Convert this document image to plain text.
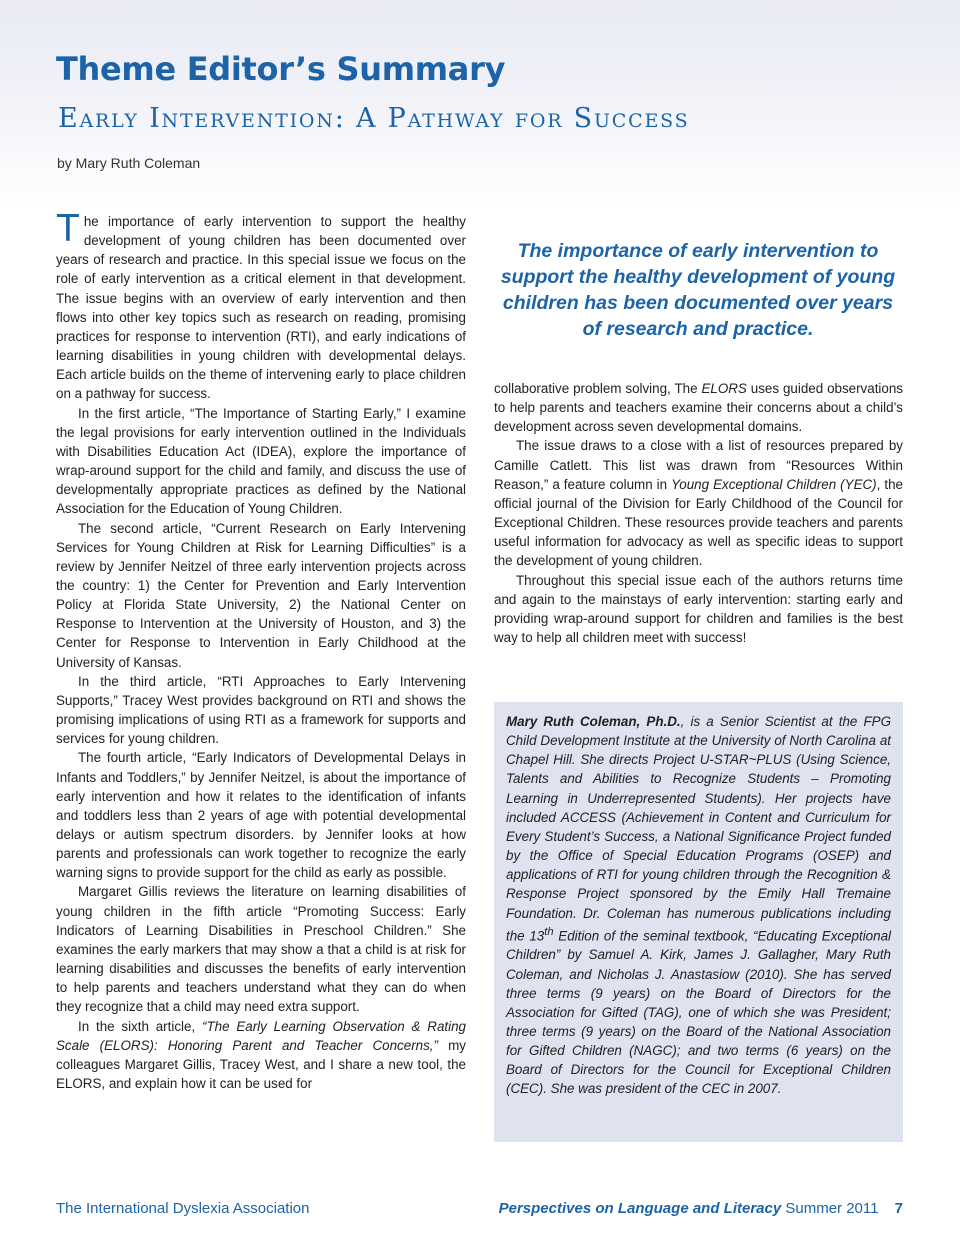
Theme Editor’s Summary
Early Intervention: A Pathway for Success

by Mary Ruth Coleman

The importance of early intervention to support the healthy development of young children has been documented over years of research and practice. In this special issue we focus on the role of early intervention as a critical element in that development. The issue begins with an overview of early intervention and then flows into other key topics such as research on reading, promising practices for response to intervention (RTI), and early indications of learning disabilities in young children with developmental delays. Each article builds on the theme of intervening early to place children on a pathway for success.

In the first article, “The Importance of Starting Early,” I examine the legal provisions for early intervention outlined in the Individuals with Disabilities Education Act (IDEA), explore the importance of wrap-around support for the child and family, and discuss the use of developmentally appropriate practices as defined by the National Association for the Education of Young Children.

The second article, “Current Research on Early Intervening Services for Young Children at Risk for Learning Difficulties” is a review by Jennifer Neitzel of three early intervention projects across the country: 1) the Center for Prevention and Early Intervention Policy at Florida State University, 2) the National Center on Response to Intervention at the University of Houston, and 3) the Center for Response to Intervention in Early Childhood at the University of Kansas.

In the third article, “RTI Approaches to Early Intervening Supports,” Tracey West provides background on RTI and shows the promising implications of using RTI as a framework for supports and services for young children.

The fourth article, “Early Indicators of Developmental Delays in Infants and Toddlers,” by Jennifer Neitzel, is about the importance of early intervention and how it relates to the identification of infants and toddlers less than 2 years of age with potential developmental delays or autism spectrum disorders. by Jennifer looks at how parents and professionals can work together to recognize the early warning signs to provide support for the child as early as possible.

Margaret Gillis reviews the literature on learning disabilities of young children in the fifth article “Promoting Success: Early Indicators of Learning Disabilities in Preschool Children.” She examines the early markers that may show a that a child is at risk for learning disabilities and discusses the benefits of early intervention to help parents and teachers understand what they can do when they recognize that a child may need extra support.

In the sixth article, “The Early Learning Observation & Rating Scale (ELORS): Honoring Parent and Teacher Concerns,” my colleagues Margaret Gillis, Tracey West, and I share a new tool, the ELORS, and explain how it can be used for

The importance of early intervention to support the healthy development of young children has been documented over years of research and practice.

collaborative problem solving, The ELORS uses guided observations to help parents and teachers examine their concerns about a child’s development across seven developmental domains.

The issue draws to a close with a list of resources prepared by Camille Catlett. This list was drawn from “Resources Within Reason,” a feature column in Young Exceptional Children (YEC), the official journal of the Division for Early Childhood of the Council for Exceptional Children. These resources provide teachers and parents useful information for advocacy as well as specific ideas to support the development of young children.

Throughout this special issue each of the authors returns time and again to the mainstays of early intervention: starting early and providing wrap-around support for children and families is the best way to help all children meet with success!

Mary Ruth Coleman, Ph.D., is a Senior Scientist at the FPG Child Development Institute at the University of North Carolina at Chapel Hill. She directs Project U-STAR~PLUS (Using Science, Talents and Abilities to Recognize Students – Promoting Learning in Underrepresented Students). Her projects have included ACCESS (Achievement in Content and Curriculum for Every Student’s Success, a National Significance Project funded by the Office of Special Education Programs (OSEP) and applications of RTI for young children through the Recognition & Response Project sponsored by the Emily Hall Tremaine Foundation. Dr. Coleman has numerous publications including the 13th Edition of the seminal textbook, “Educating Exceptional Children” by Samuel A. Kirk, James J. Gallagher, Mary Ruth Coleman, and Nicholas J. Anastasiow (2010). She has served three terms (9 years) on the Board of Directors for the Association for Gifted (TAG), one of which she was President; three terms (9 years) on the Board of the National Association for Gifted Children (NAGC); and two terms (6 years) on the Board of Directors for the Council for Exceptional Children (CEC). She was president of the CEC in 2007.

The International Dyslexia Association	Perspectives on Language and Literacy Summer 2011 7
